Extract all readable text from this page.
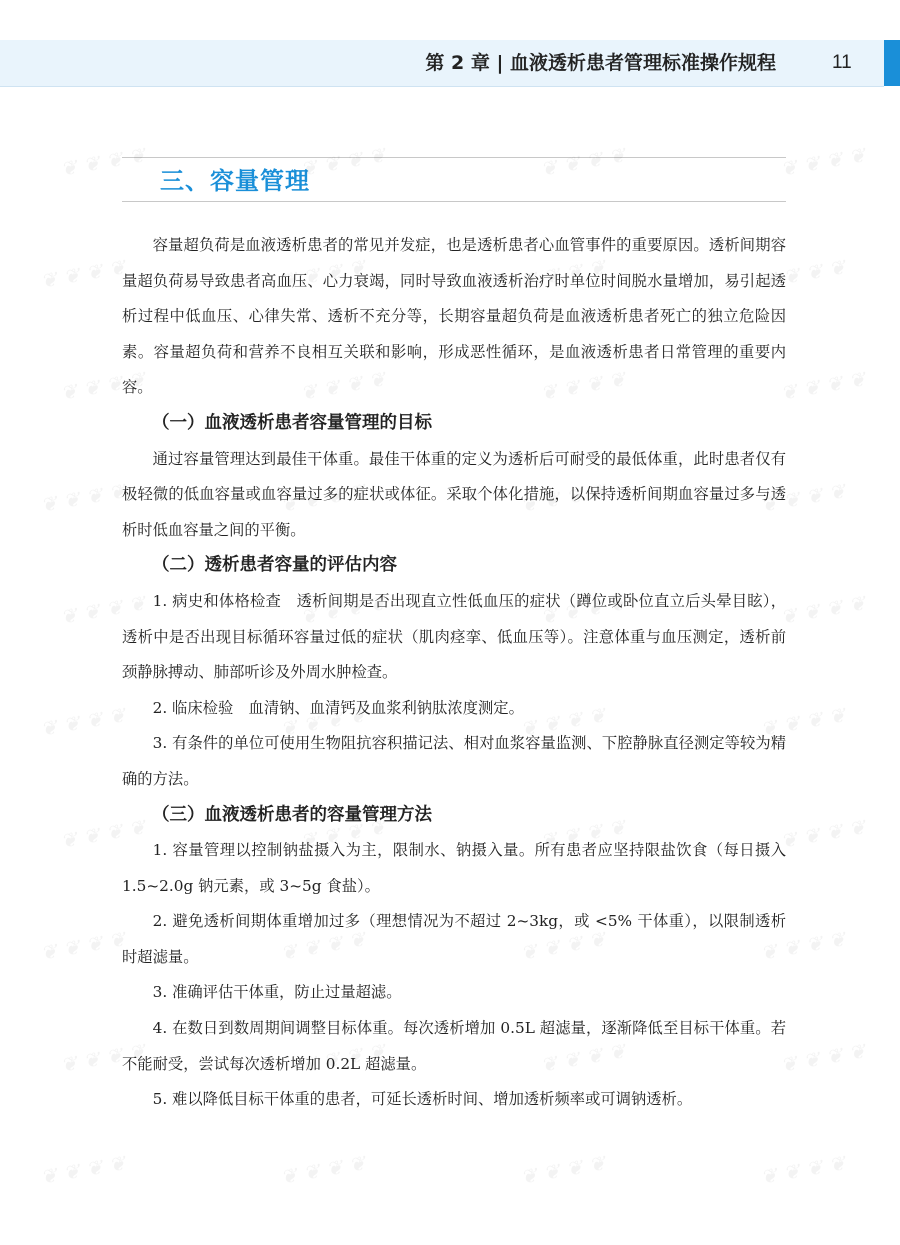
第 2 章 | 血液透析患者管理标准操作规程	11
三、容量管理

容量超负荷是血液透析患者的常见并发症，也是透析患者心血管事件的重要原因。透析间期容量超负荷易导致患者高血压、心力衰竭，同时导致血液透析治疗时单位时间脱水量增加，易引起透析过程中低血压、心律失常、透析不充分等，长期容量超负荷是血液透析患者死亡的独立危险因素。容量超负荷和营养不良相互关联和影响，形成恶性循环，是血液透析患者日常管理的重要内容。

（一）血液透析患者容量管理的目标

通过容量管理达到最佳干体重。最佳干体重的定义为透析后可耐受的最低体重，此时患者仅有极轻微的低血容量或血容量过多的症状或体征。采取个体化措施，以保持透析间期血容量过多与透析时低血容量之间的平衡。

（二）透析患者容量的评估内容

1. 病史和体格检查　透析间期是否出现直立性低血压的症状（蹲位或卧位直立后头晕目眩），透析中是否出现目标循环容量过低的症状（肌肉痉挛、低血压等）。注意体重与血压测定，透析前颈静脉搏动、肺部听诊及外周水肿检查。

2. 临床检验　血清钠、血清钙及血浆利钠肽浓度测定。

3. 有条件的单位可使用生物阻抗容积描记法、相对血浆容量监测、下腔静脉直径测定等较为精确的方法。

（三）血液透析患者的容量管理方法

1. 容量管理以控制钠盐摄入为主，限制水、钠摄入量。所有患者应坚持限盐饮食（每日摄入 1.5~2.0g 钠元素，或 3~5g 食盐）。

2. 避免透析间期体重增加过多（理想情况为不超过 2~3kg，或 <5% 干体重），以限制透析时超滤量。

3. 准确评估干体重，防止过量超滤。

4. 在数日到数周期间调整目标体重。每次透析增加 0.5L 超滤量，逐渐降低至目标干体重。若不能耐受，尝试每次透析增加 0.2L 超滤量。

5. 难以降低目标干体重的患者，可延长透析时间、增加透析频率或可调钠透析。
